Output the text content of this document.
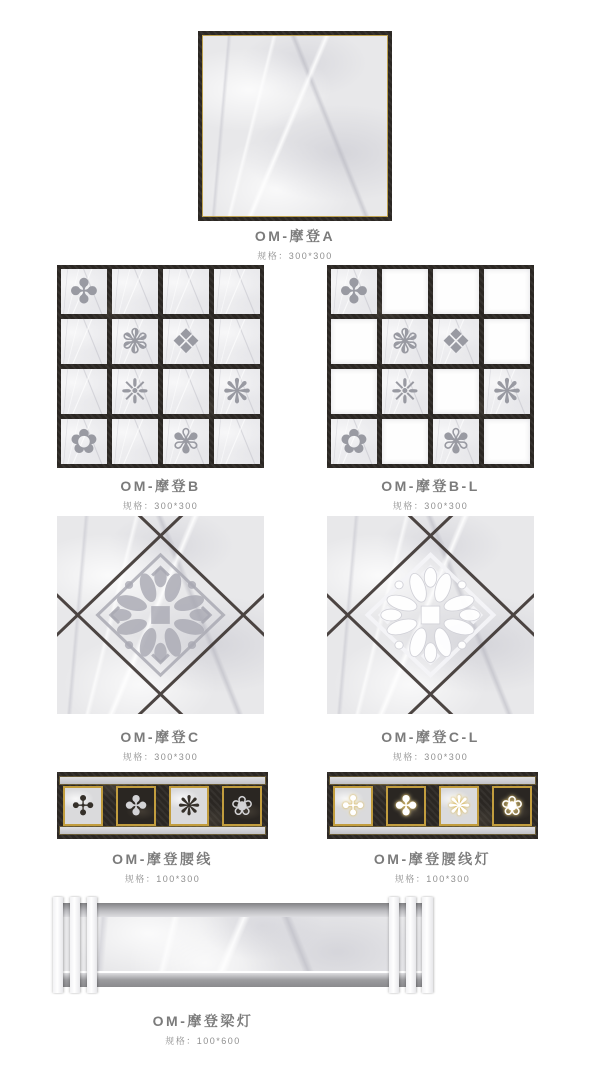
OM-摩登A
规格：300*300
✤
❃ ❖
❈ ❋
✿ ✾
OM-摩登B
规格：300*300
✤
❃ ❖
❈ ❋
✿ ✾
OM-摩登B-L
规格：300*300
OM-摩登C
规格：300*300
OM-摩登C-L
规格：300*300
✣ ✤ ❋ ❀
OM-摩登腰线
规格：100*300
✣ ✤ ❋ ❀
OM-摩登腰线灯
规格：100*300
OM-摩登梁灯
规格：100*600
